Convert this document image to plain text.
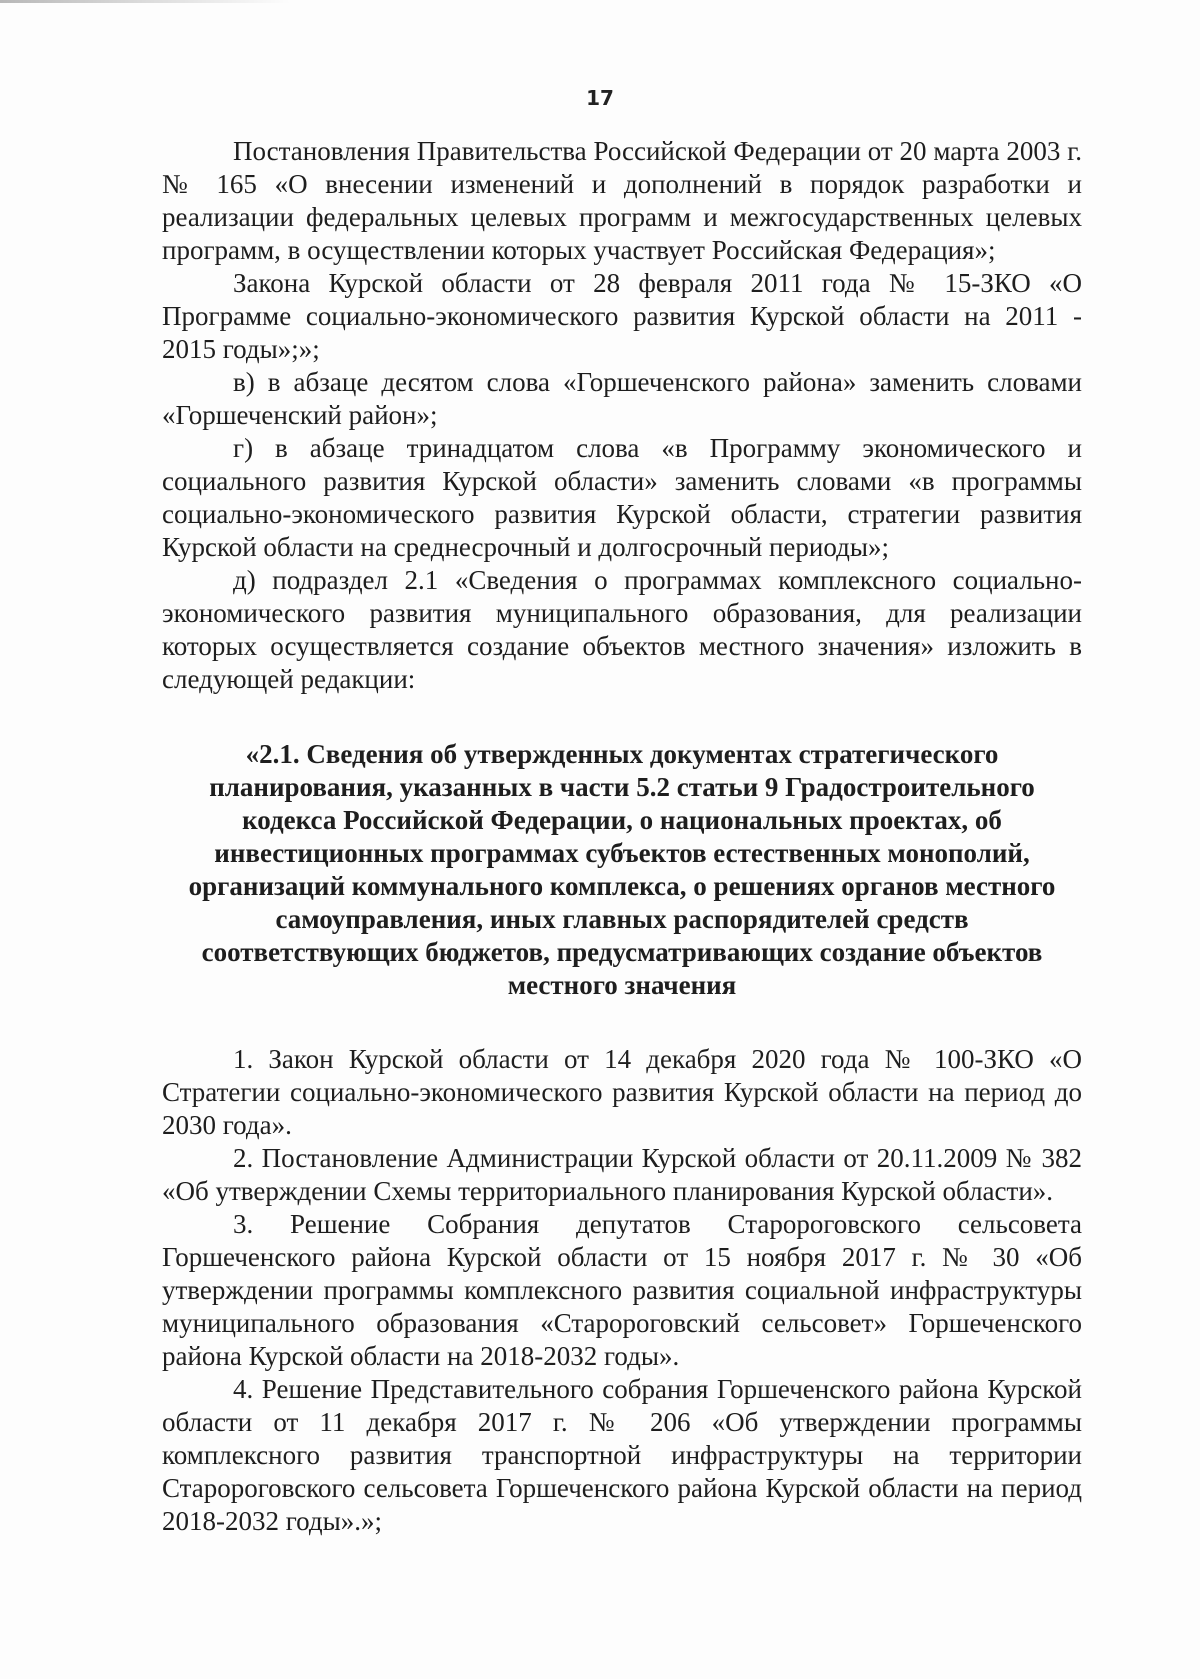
17

Постановления Правительства Российской Федерации от 20 марта 2003 г. № 165 «О внесении изменений и дополнений в порядок разработки и реализации федеральных целевых программ и межгосударственных целевых программ, в осуществлении которых участвует Российская Федерация»;

Закона Курской области от 28 февраля 2011 года № 15-ЗКО «О Программе социально-экономического развития Курской области на 2011 - 2015 годы»;»;

в) в абзаце десятом слова «Горшеченского района» заменить словами «Горшеченский район»;

г) в абзаце тринадцатом слова «в Программу экономического и социального развития Курской области» заменить словами «в программы социально-экономического развития Курской области, стратегии развития Курской области на среднесрочный и долгосрочный периоды»;

д) подраздел 2.1 «Сведения о программах комплексного социально-экономического развития муниципального образования, для реализации которых осуществляется создание объектов местного значения» изложить в следующей редакции:

«2.1. Сведения об утвержденных документах стратегического планирования, указанных в части 5.2 статьи 9 Градостроительного кодекса Российской Федерации, о национальных проектах, об инвестиционных программах субъектов естественных монополий, организаций коммунального комплекса, о решениях органов местного самоуправления, иных главных распорядителей средств соответствующих бюджетов, предусматривающих создание объектов местного значения

1. Закон Курской области от 14 декабря 2020 года № 100-ЗКО «О Стратегии социально-экономического развития Курской области на период до 2030 года».

2. Постановление Администрации Курской области от 20.11.2009 № 382 «Об утверждении Схемы территориального планирования Курской области».

3. Решение Собрания депутатов Старороговского сельсовета Горшеченского района Курской области от 15 ноября 2017 г. № 30 «Об утверждении программы комплексного развития социальной инфраструктуры муниципального образования «Старороговский сельсовет» Горшеченского района Курской области на 2018-2032 годы».

4. Решение Представительного собрания Горшеченского района Курской области от 11 декабря 2017 г. № 206 «Об утверждении программы комплексного развития транспортной инфраструктуры на территории Старороговского сельсовета Горшеченского района Курской области на период 2018-2032 годы».»;
